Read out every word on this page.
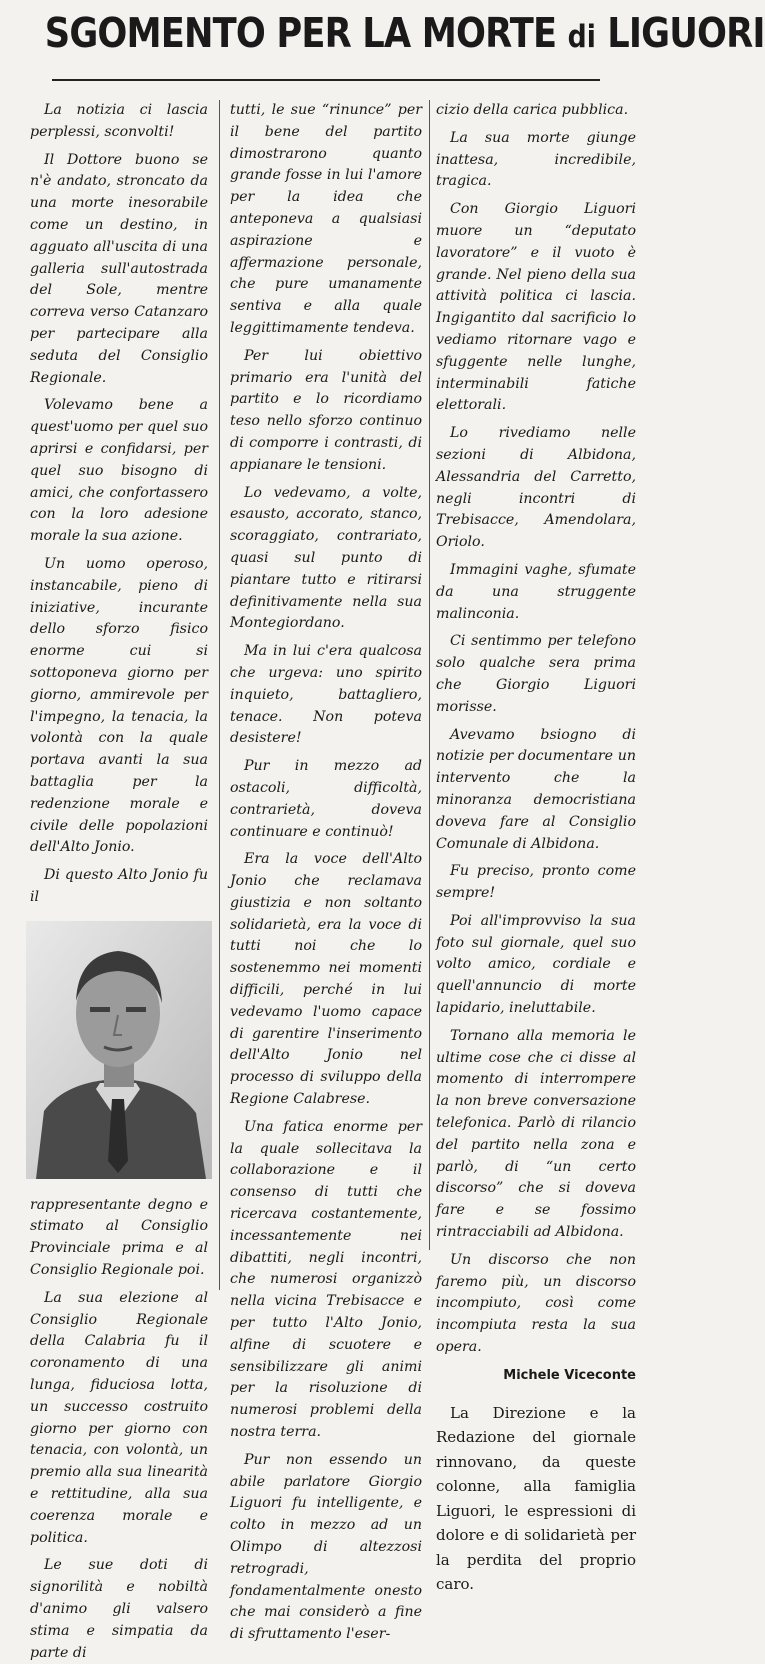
SGOMENTO PER LA MORTE di LIGUORI

La notizia ci lascia perplessi, sconvolti!

Il Dottore buono se n'è andato, stroncato da una morte inesorabile come un destino, in agguato all'uscita di una galleria sull'autostrada del Sole, mentre correva verso Catanzaro per partecipare alla seduta del Consiglio Regionale.

Volevamo bene a quest'uomo per quel suo aprirsi e confidarsi, per quel suo bisogno di amici, che confortassero con la loro adesione morale la sua azione.

Un uomo operoso, instancabile, pieno di iniziative, incurante dello sforzo fisico enorme cui si sottoponeva giorno per giorno, ammirevole per l'impegno, la tenacia, la volontà con la quale portava avanti la sua battaglia per la redenzione morale e civile delle popolazioni dell'Alto Jonio.

Di questo Alto Jonio fu il

rappresentante degno e stimato al Consiglio Provinciale prima e al Consiglio Regionale poi.

La sua elezione al Consiglio Regionale della Calabria fu il coronamento di una lunga, fiduciosa lotta, un successo costruito giorno per giorno con tenacia, con volontà, un premio alla sua linearità e rettitudine, alla sua coerenza morale e politica.

Le sue doti di signorilità e nobiltà d'animo gli valsero stima e simpatia da parte di

tutti, le sue “rinunce” per il bene del partito dimostrarono quanto grande fosse in lui l'amore per la idea che anteponeva a qualsiasi aspirazione e affermazione personale, che pure umanamente sentiva e alla quale leggittimamente tendeva.

Per lui obiettivo primario era l'unità del partito e lo ricordiamo teso nello sforzo continuo di comporre i contrasti, di appianare le tensioni.

Lo vedevamo, a volte, esausto, accorato, stanco, scoraggiato, contrariato, quasi sul punto di piantare tutto e ritirarsi definitivamente nella sua Montegiordano.

Ma in lui c'era qualcosa che urgeva: uno spirito inquieto, battagliero, tenace. Non poteva desistere!

Pur in mezzo ad ostacoli, difficoltà, contrarietà, doveva continuare e continuò!

Era la voce dell'Alto Jonio che reclamava giustizia e non soltanto solidarietà, era la voce di tutti noi che lo sostenemmo nei momenti difficili, perché in lui vedevamo l'uomo capace di garentire l'inserimento dell'Alto Jonio nel processo di sviluppo della Regione Calabrese.

Una fatica enorme per la quale sollecitava la collaborazione e il consenso di tutti che ricercava costantemente, incessantemente nei dibattiti, negli incontri, che numerosi organizzò nella vicina Trebisacce e per tutto l'Alto Jonio, alfine di scuotere e sensibilizzare gli animi per la risoluzione di numerosi problemi della nostra terra.

Pur non essendo un abile parlatore Giorgio Liguori fu intelligente, e colto in mezzo ad un Olimpo di altezzosi retrogradi, fondamentalmente onesto che mai considerò a fine di sfruttamento l'eser-

cizio della carica pubblica.

La sua morte giunge inattesa, incredibile, tragica.

Con Giorgio Liguori muore un “deputato lavoratore” e il vuoto è grande. Nel pieno della sua attività politica ci lascia. Ingigantito dal sacrificio lo vediamo ritornare vago e sfuggente nelle lunghe, interminabili fatiche elettorali.

Lo rivediamo nelle sezioni di Albidona, Alessandria del Carretto, negli incontri di Trebisacce, Amendolara, Oriolo.

Immagini vaghe, sfumate da una struggente malinconia.

Ci sentimmo per telefono solo qualche sera prima che Giorgio Liguori morisse.

Avevamo bsiogno di notizie per documentare un intervento che la minoranza democristiana doveva fare al Consiglio Comunale di Albidona.

Fu preciso, pronto come sempre!

Poi all'improvviso la sua foto sul giornale, quel suo volto amico, cordiale e quell'annuncio di morte lapidario, ineluttabile.

Tornano alla memoria le ultime cose che ci disse al momento di interrompere la non breve conversazione telefonica. Parlò di rilancio del partito nella zona e parlò, di “un certo discorso” che si doveva fare e se fossimo rintracciabili ad Albidona.

Un discorso che non faremo più, un discorso incompiuto, così come incompiuta resta la sua opera.

Michele Viceconte

La Direzione e la Redazione del giornale rinnovano, da queste colonne, alla famiglia Liguori, le espressioni di dolore e di solidarietà per la perdita del proprio caro.
